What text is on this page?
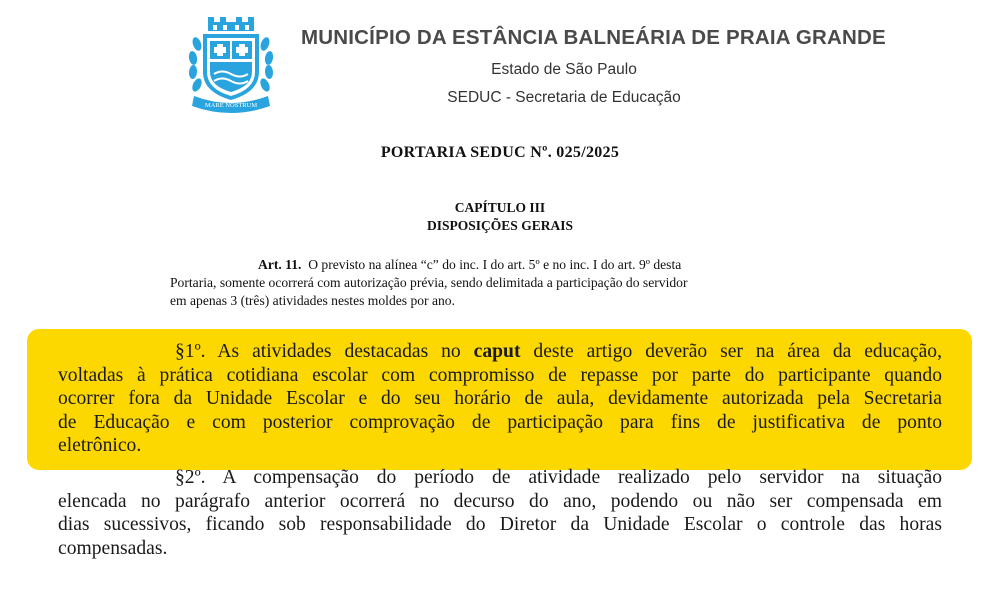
MARE NOSTRUM
MUNICÍPIO DA ESTÂNCIA BALNEÁRIA DE PRAIA GRANDE
Estado de São Paulo
SEDUC - Secretaria de Educação
PORTARIA SEDUC Nº. 025/2025
CAPÍTULO III
DISPOSIÇÕES GERAIS
Art. 11. O previsto na alínea “c” do inc. I do art. 5º e no inc. I do art. 9º desta
Portaria, somente ocorrerá com autorização prévia, sendo delimitada a participação do servidor
em apenas 3 (três) atividades nestes moldes por ano.
§1º. As atividades destacadas no caput deste artigo deverão ser na área da educação,
voltadas à prática cotidiana escolar com compromisso de repasse por parte do participante quando
ocorrer fora da Unidade Escolar e do seu horário de aula, devidamente autorizada pela Secretaria
de Educação e com posterior comprovação de participação para fins de justificativa de ponto
eletrônico.
§2º. A compensação do período de atividade realizado pelo servidor na situação
elencada no parágrafo anterior ocorrerá no decurso do ano, podendo ou não ser compensada em
dias sucessivos, ficando sob responsabilidade do Diretor da Unidade Escolar o controle das horas
compensadas.
